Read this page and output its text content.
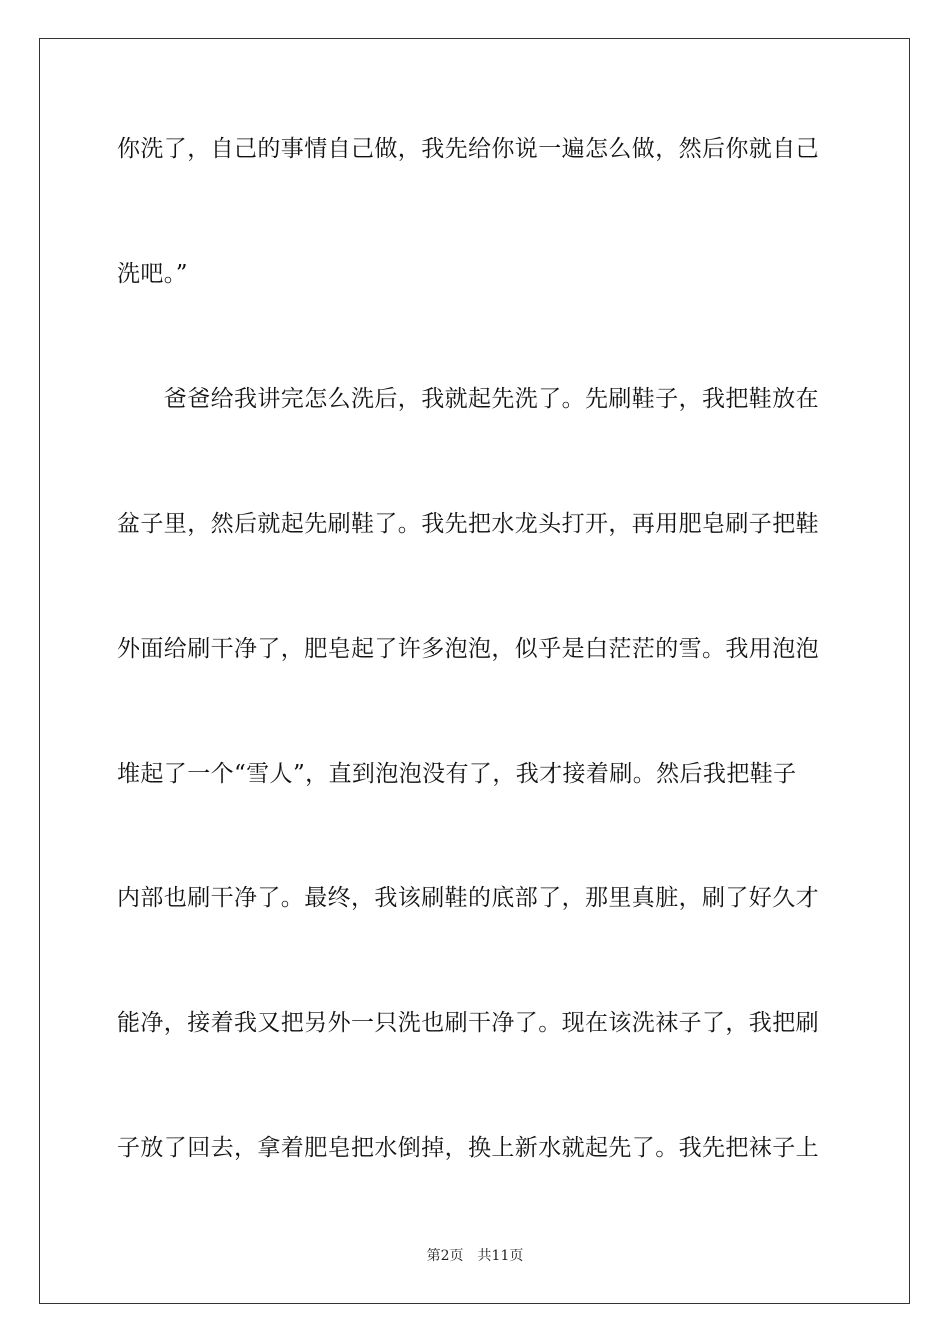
你洗了，自己的事情自己做，我先给你说一遍怎么做，然后你就自己
洗吧。”
　　爸爸给我讲完怎么洗后，我就起先洗了。先刷鞋子，我把鞋放在
盆子里，然后就起先刷鞋了。我先把水龙头打开，再用肥皂刷子把鞋
外面给刷干净了，肥皂起了许多泡泡，似乎是白茫茫的雪。我用泡泡
堆起了一个“雪人”，直到泡泡没有了，我才接着刷。然后我把鞋子
内部也刷干净了。最终，我该刷鞋的底部了，那里真脏，刷了好久才
能净，接着我又把另外一只洗也刷干净了。现在该洗袜子了，我把刷
子放了回去，拿着肥皂把水倒掉，换上新水就起先了。我先把袜子上
第2页 共11页
